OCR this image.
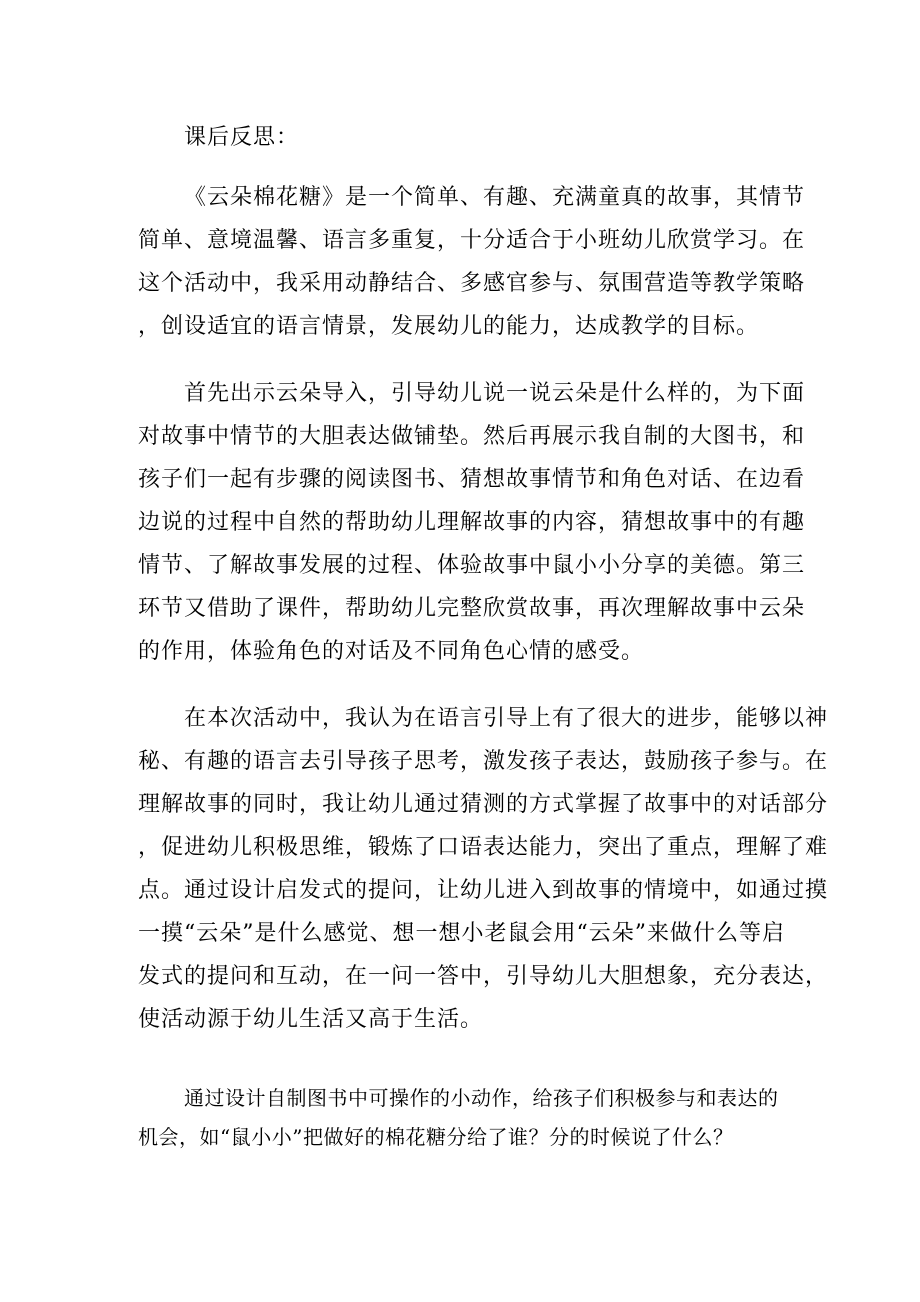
课后反思：

《云朵棉花糖》是一个简单、有趣、充满童真的故事，其情节

简单、意境温馨、语言多重复，十分适合于小班幼儿欣赏学习。在

这个活动中，我采用动静结合、多感官参与、氛围营造等教学策略

，创设适宜的语言情景，发展幼儿的能力，达成教学的目标。

首先出示云朵导入，引导幼儿说一说云朵是什么样的，为下面

对故事中情节的大胆表达做铺垫。然后再展示我自制的大图书，和

孩子们一起有步骤的阅读图书、猜想故事情节和角色对话、在边看

边说的过程中自然的帮助幼儿理解故事的内容，猜想故事中的有趣

情节、了解故事发展的过程、体验故事中鼠小小分享的美德。第三

环节又借助了课件，帮助幼儿完整欣赏故事，再次理解故事中云朵

的作用，体验角色的对话及不同角色心情的感受。

在本次活动中，我认为在语言引导上有了很大的进步，能够以神

秘、有趣的语言去引导孩子思考，激发孩子表达，鼓励孩子参与。在

理解故事的同时，我让幼儿通过猜测的方式掌握了故事中的对话部分

，促进幼儿积极思维，锻炼了口语表达能力，突出了重点，理解了难

点。通过设计启发式的提问，让幼儿进入到故事的情境中，如通过摸

一摸“云朵”是什么感觉、想一想小老鼠会用“云朵”来做什么等启

发式的提问和互动，在一问一答中，引导幼儿大胆想象，充分表达，

使活动源于幼儿生活又高于生活。

通过设计自制图书中可操作的小动作，给孩子们积极参与和表达的

机会，如“鼠小小”把做好的棉花糖分给了谁？分的时候说了什么？
